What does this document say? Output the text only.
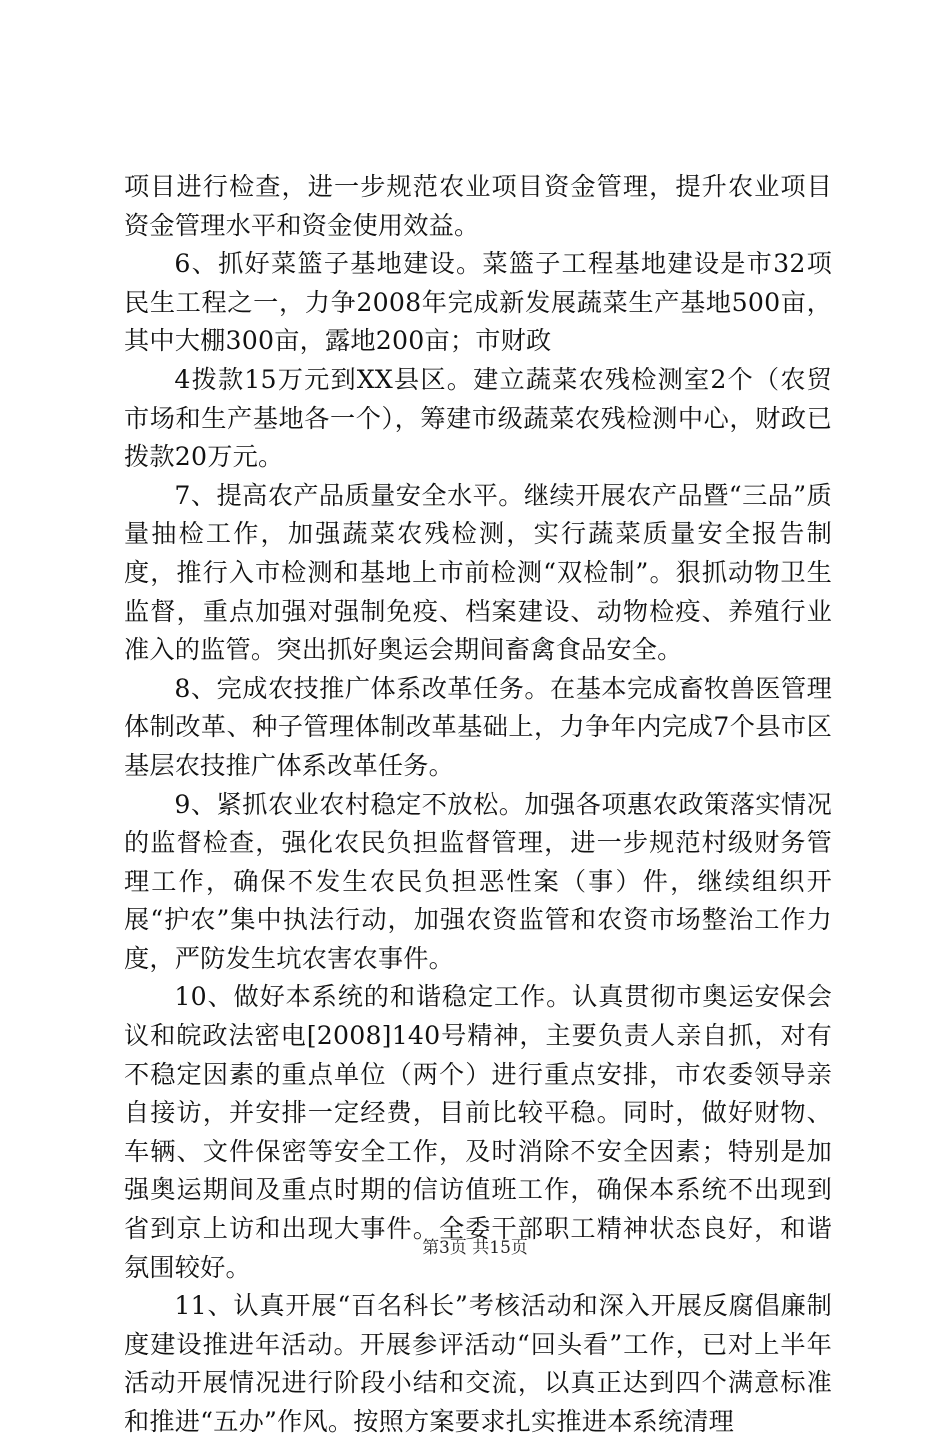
项目进行检查，进一步规范农业项目资金管理，提升农业项目资金管理水平和资金使用效益。

6、抓好菜篮子基地建设。菜篮子工程基地建设是市32项民生工程之一，力争2008年完成新发展蔬菜生产基地500亩，其中大棚300亩，露地200亩；市财政

4拨款15万元到XX县区。建立蔬菜农残检测室2个（农贸市场和生产基地各一个），筹建市级蔬菜农残检测中心，财政已拨款20万元。

7、提高农产品质量安全水平。继续开展农产品暨“三品”质量抽检工作，加强蔬菜农残检测，实行蔬菜质量安全报告制度，推行入市检测和基地上市前检测“双检制”。狠抓动物卫生监督，重点加强对强制免疫、档案建设、动物检疫、养殖行业准入的监管。突出抓好奥运会期间畜禽食品安全。

8、完成农技推广体系改革任务。在基本完成畜牧兽医管理体制改革、种子管理体制改革基础上，力争年内完成7个县市区基层农技推广体系改革任务。

9、紧抓农业农村稳定不放松。加强各项惠农政策落实情况的监督检查，强化农民负担监督管理，进一步规范村级财务管理工作，确保不发生农民负担恶性案（事）件，继续组织开展“护农”集中执法行动，加强农资监管和农资市场整治工作力度，严防发生坑农害农事件。

10、做好本系统的和谐稳定工作。认真贯彻市奥运安保会议和皖政法密电[2008]140号精神，主要负责人亲自抓，对有不稳定因素的重点单位（两个）进行重点安排，市农委领导亲自接访，并安排一定经费，目前比较平稳。同时，做好财物、车辆、文件保密等安全工作，及时消除不安全因素；特别是加强奥运期间及重点时期的信访值班工作，确保本系统不出现到省到京上访和出现大事件。全委干部职工精神状态良好，和谐氛围较好。

11、认真开展“百名科长”考核活动和深入开展反腐倡廉制度建设推进年活动。开展参评活动“回头看”工作，已对上半年活动开展情况进行阶段小结和交流，以真正达到四个满意标准和推进“五办”作风。按照方案要求扎实推进本系统清理

第3页 共15页
